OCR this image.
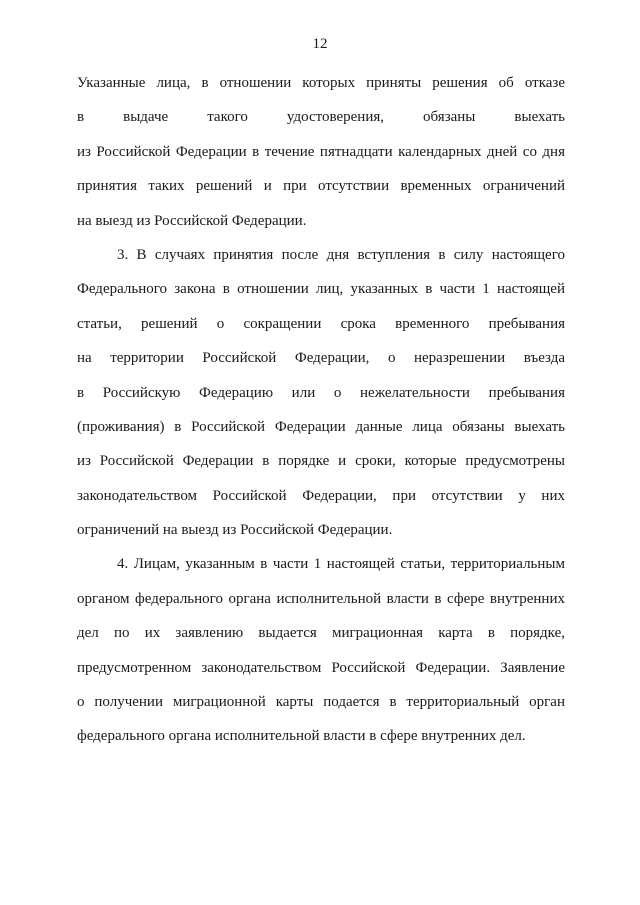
12
Указанные лица, в отношении которых приняты решения об отказе
в выдаче такого удостоверения, обязаны выехать
из Российской Федерации в течение пятнадцати календарных дней со дня
принятия таких решений и при отсутствии временных ограничений
на выезд из Российской Федерации.
3. В случаях принятия после дня вступления в силу настоящего
Федерального закона в отношении лиц, указанных в части 1 настоящей
статьи, решений о сокращении срока временного пребывания
на территории Российской Федерации, о неразрешении въезда
в Российскую Федерацию или о нежелательности пребывания
(проживания) в Российской Федерации данные лица обязаны выехать
из Российской Федерации в порядке и сроки, которые предусмотрены
законодательством Российской Федерации, при отсутствии у них
ограничений на выезд из Российской Федерации.
4. Лицам, указанным в части 1 настоящей статьи, территориальным
органом федерального органа исполнительной власти в сфере внутренних
дел по их заявлению выдается миграционная карта в порядке,
предусмотренном законодательством Российской Федерации. Заявление
о получении миграционной карты подается в территориальный орган
федерального органа исполнительной власти в сфере внутренних дел.
